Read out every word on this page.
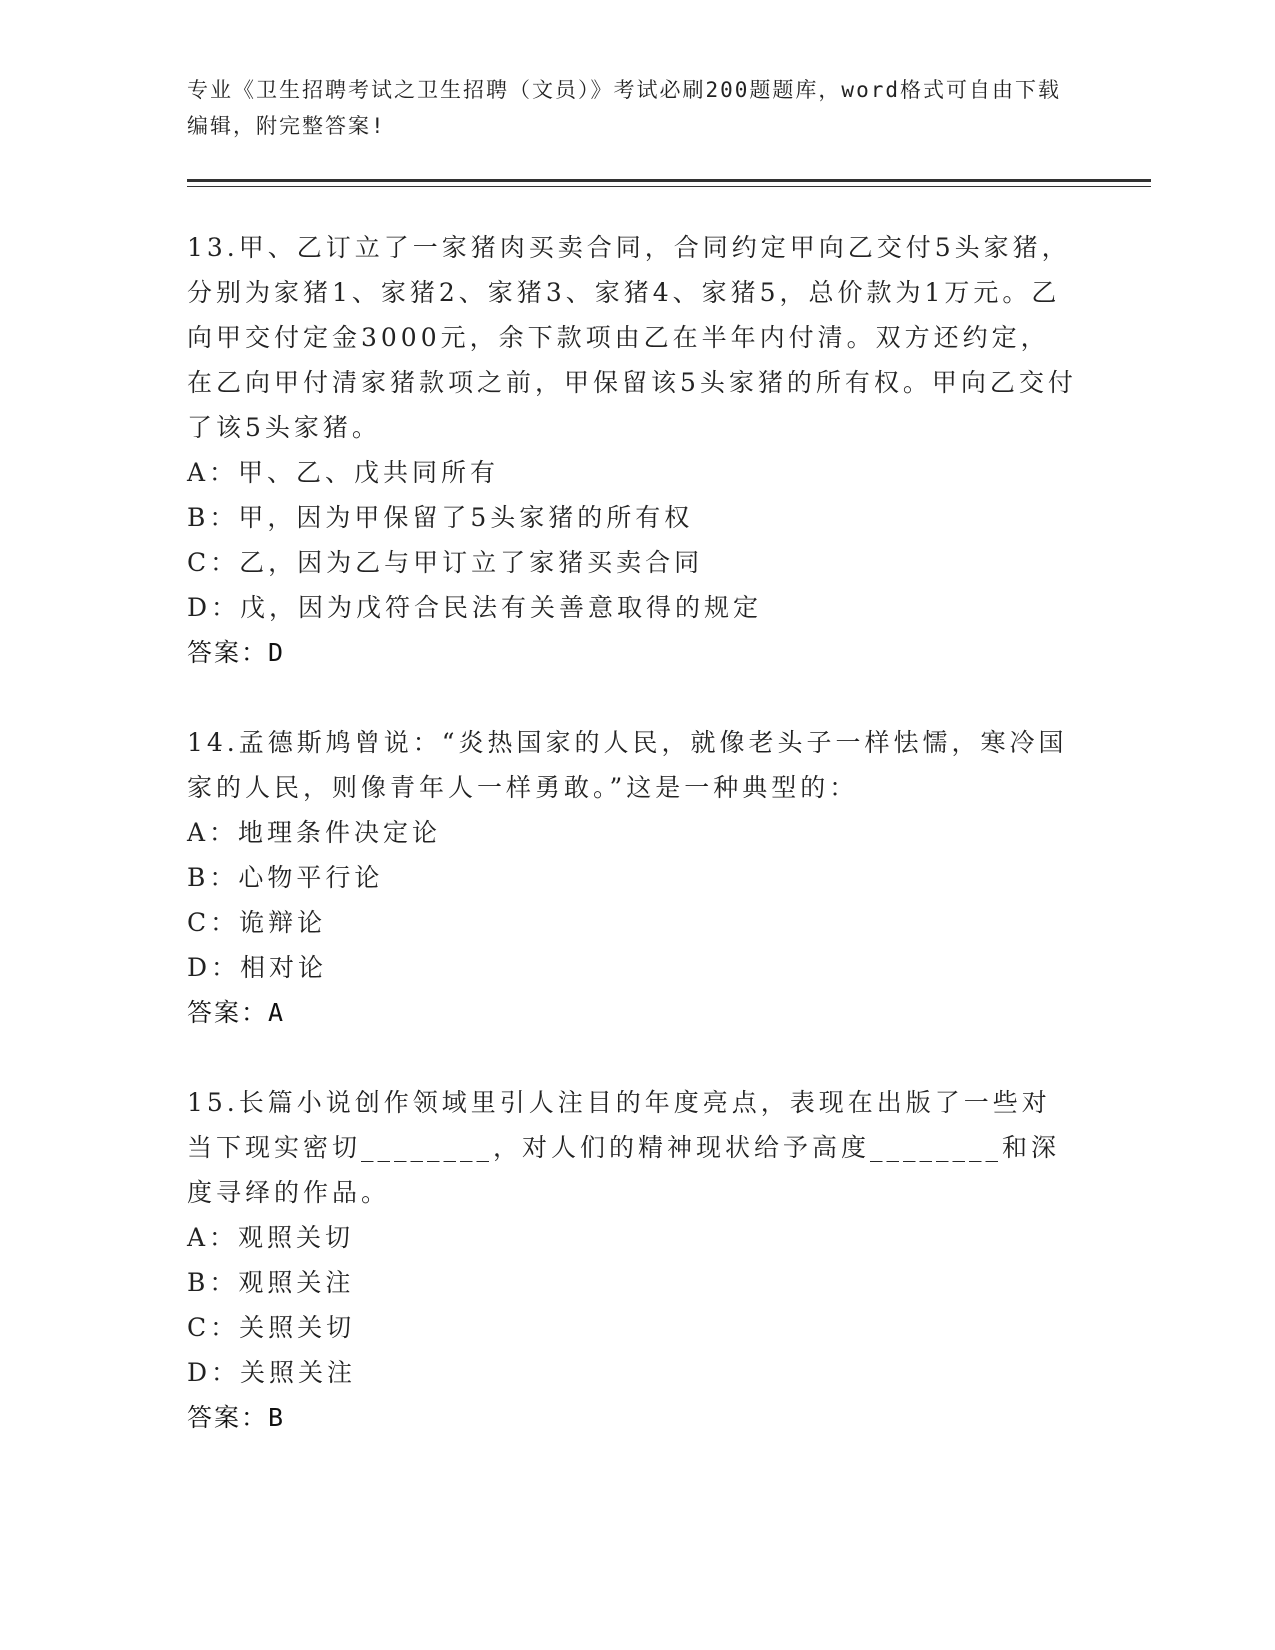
专业《卫生招聘考试之卫生招聘（文员）》考试必刷200题题库，word格式可自由下载编辑，附完整答案!

13.甲、乙订立了一家猪肉买卖合同，合同约定甲向乙交付5头家猪，分别为家猪1、家猪2、家猪3、家猪4、家猪5，总价款为1万元。乙向甲交付定金3000元，余下款项由乙在半年内付清。双方还约定，在乙向甲付清家猪款项之前，甲保留该5头家猪的所有权。甲向乙交付了该5头家猪。

A：甲、乙、戊共同所有

B：甲，因为甲保留了5头家猪的所有权

C：乙，因为乙与甲订立了家猪买卖合同

D：戊，因为戊符合民法有关善意取得的规定

答案：D

14.孟德斯鸠曾说：“炎热国家的人民，就像老头子一样怯懦，寒冷国家的人民，则像青年人一样勇敢。”这是一种典型的：

A：地理条件决定论

B：心物平行论

C：诡辩论

D：相对论

答案：A

15.长篇小说创作领域里引人注目的年度亮点，表现在出版了一些对当下现实密切________，对人们的精神现状给予高度________和深度寻绎的作品。

A：观照关切

B：观照关注

C：关照关切

D：关照关注

答案：B
